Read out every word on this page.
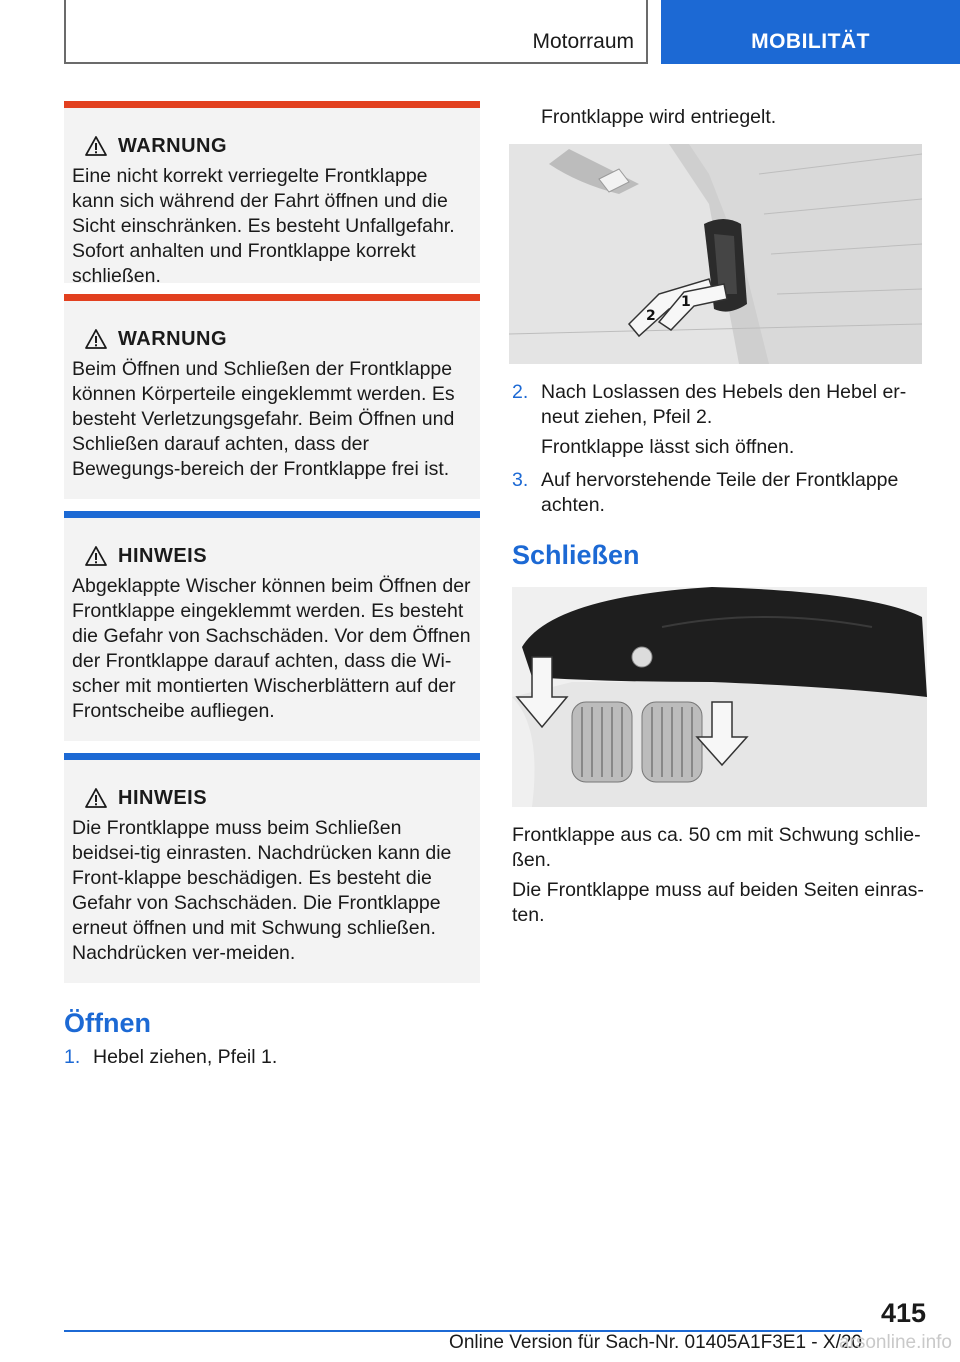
Motorraum	MOBILITÄT
WARNUNG
Eine nicht korrekt verriegelte Frontklappe kann sich während der Fahrt öffnen und die Sicht einschränken. Es besteht Unfallgefahr. Sofort anhalten und Frontklappe korrekt schließen.
WARNUNG
Beim Öffnen und Schließen der Frontklappe können Körperteile eingeklemmt werden. Es besteht Verletzungsgefahr. Beim Öffnen und Schließen darauf achten, dass der Bewegungs-bereich der Frontklappe frei ist.
HINWEIS
Abgeklappte Wischer können beim Öffnen der Frontklappe eingeklemmt werden. Es besteht die Gefahr von Sachschäden. Vor dem Öffnen der Frontklappe darauf achten, dass die Wi-scher mit montierten Wischerblättern auf der Frontscheibe aufliegen.
HINWEIS
Die Frontklappe muss beim Schließen beidsei-tig einrasten. Nachdrücken kann die Front-klappe beschädigen. Es besteht die Gefahr von Sachschäden. Die Frontklappe erneut öffnen und mit Schwung schließen. Nachdrücken ver-meiden.
Öffnen
1. Hebel ziehen, Pfeil 1.
Frontklappe wird entriegelt.
2
1
2. Nach Loslassen des Hebels den Hebel er-neut ziehen, Pfeil 2.
Frontklappe lässt sich öffnen.
3. Auf hervorstehende Teile der Frontklappe achten.
Schließen
Frontklappe aus ca. 50 cm mit Schwung schlie-ßen.
Die Frontklappe muss auf beiden Seiten einras-ten.
415
Online Version für Sach-Nr. 01405A1F3E1 - X/20
arsonline.info
